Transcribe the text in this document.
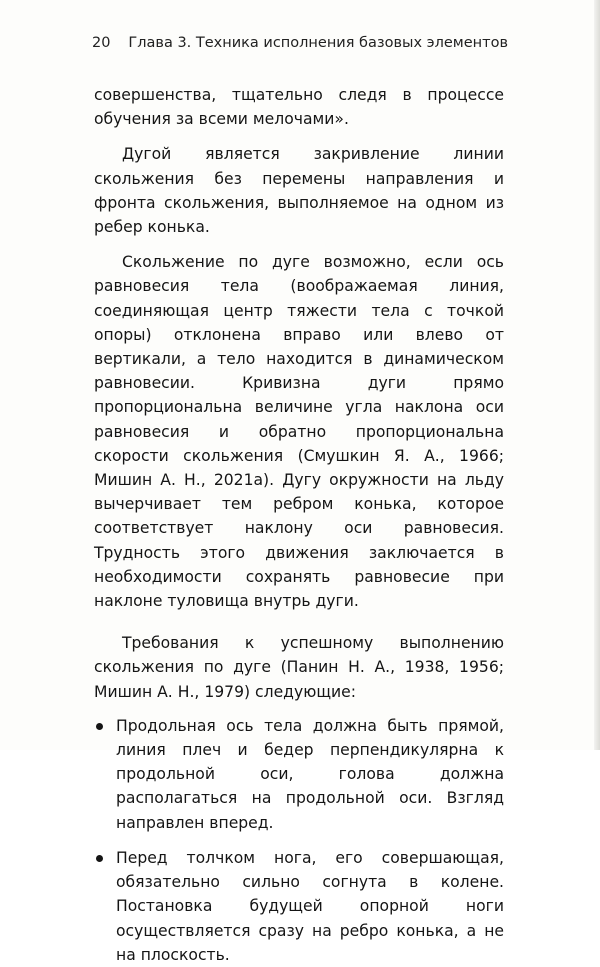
20 Глава 3. Техника исполнения базовых элементов

совершенства, тщательно следя в процессе обучения за всеми мелочами».

Дугой является закривление линии скольжения без перемены направления и фронта скольжения, выполняемое на одном из ребер конька.

Скольжение по дуге возможно, если ось равновесия тела (воображаемая линия, соединяющая центр тяжести тела с точкой опоры) отклонена вправо или влево от вертикали, а тело находится в динамическом равновесии. Кривизна дуги прямо пропорциональна величине угла наклона оси равновесия и обратно пропорциональна скорости скольжения (Смушкин Я. А., 1966; Мишин А. Н., 2021а). Дугу окружности на льду вычерчивает тем ребром конька, которое соответствует наклону оси равновесия. Трудность этого движения заключается в необходимости сохранять равновесие при наклоне туловища внутрь дуги.

Требования к успешному выполнению скольжения по дуге (Панин Н. А., 1938, 1956; Мишин А. Н., 1979) следующие:

Продольная ось тела должна быть прямой, линия плеч и бедер перпендикулярна к продольной оси, голова должна располагаться на продольной оси. Взгляд направлен вперед.
Перед толчком нога, его совершающая, обязательно сильно согнута в колене. Постановка будущей опорной ноги осуществляется сразу на ребро конька, а не на плоскость.
